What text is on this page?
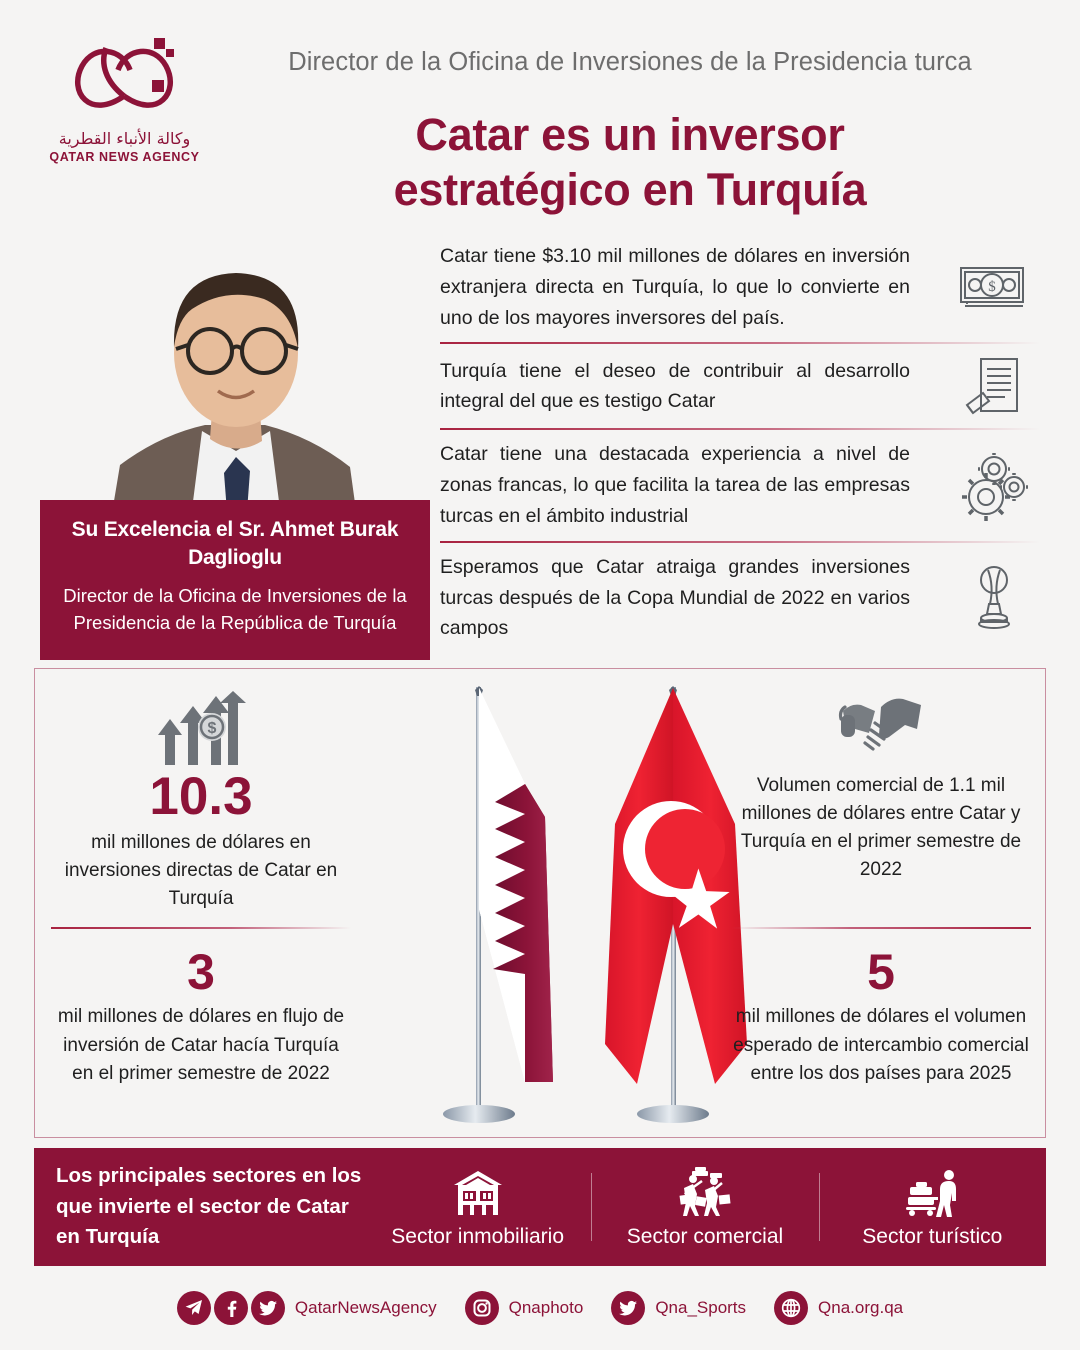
وكالة الأنباء القطرية
QATAR NEWS AGENCY
Director de la Oficina de Inversiones de la Presidencia turca
Catar es un inversor
estratégico en Turquía
Su Excelencia el Sr. Ahmet Burak Daglioglu
Director de la Oficina de Inversiones de la Presidencia de la República de Turquía
Catar tiene $3.10 mil millones de dólares en inversión extranjera directa en Turquía, lo que lo convierte en uno de los mayores inversores del país.
$
Turquía tiene el deseo de contribuir al desarrollo integral del que es testigo Catar
Catar tiene una destacada experiencia a nivel de zonas francas, lo que facilita la tarea de las empresas turcas en el ámbito industrial
Esperamos que Catar atraiga grandes inversiones turcas después de la Copa Mundial de 2022 en varios campos
$
10.3
mil millones de dólares en inversiones directas de Catar en Turquía
3
mil millones de dólares en flujo de inversión de Catar hacía Turquía en el primer semestre de 2022
Volumen comercial de 1.1 mil millones de dólares entre Catar y Turquía en el primer semestre de 2022
5
mil millones de dólares el volumen esperado de intercambio comercial entre los dos países para 2025
Los principales sectores en los que invierte el sector de Catar en Turquía	Sector inmobiliario	Sector comercial	Sector turístico
QatarNewsAgency	Qnaphoto	Qna_Sports	Qna.org.qa
